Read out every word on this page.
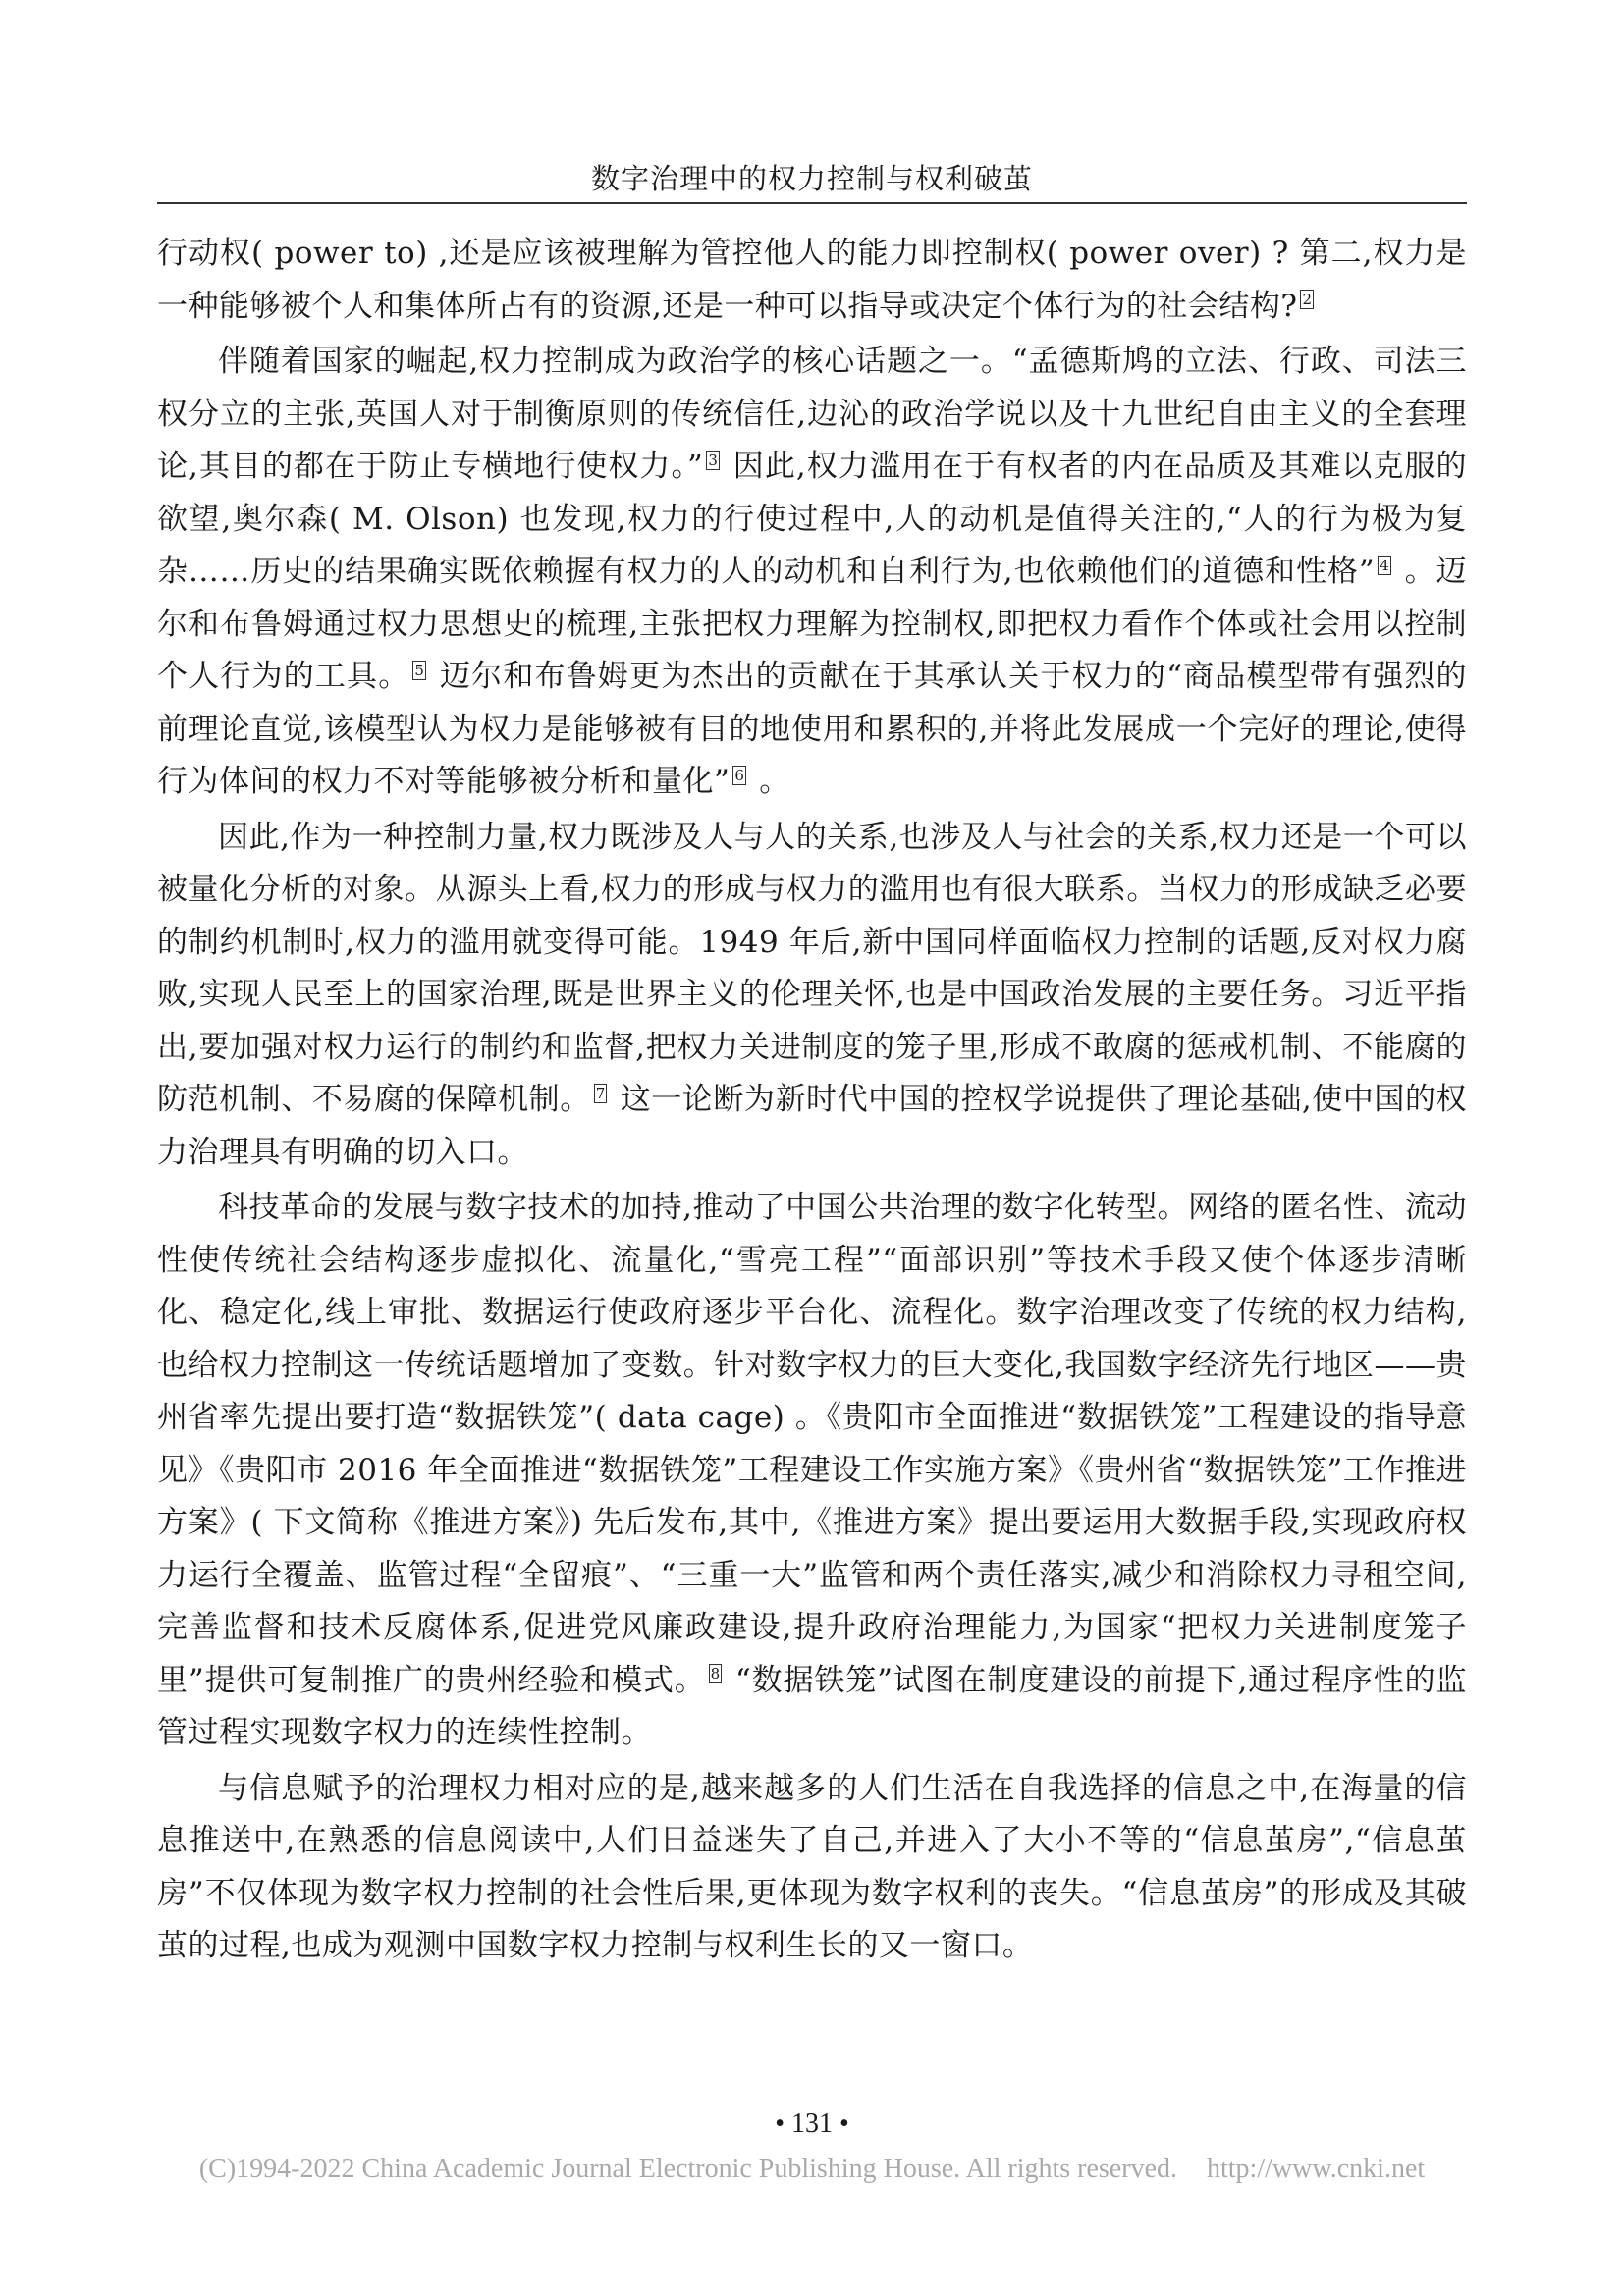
数字治理中的权力控制与权利破茧

行动权( power to) ,还是应该被理解为管控他人的能力即控制权( power over) ? 第二,权力是一种能够被个人和集体所占有的资源,还是一种可以指导或决定个体行为的社会结构? $^2$

伴随着国家的崛起,权力控制成为政治学的核心话题之一。“孟德斯鸠的立法、行政、司法三权分立的主张,英国人对于制衡原则的传统信任,边沁的政治学说以及十九世纪自由主义的全套理论,其目的都在于防止专横地行使权力。” $^3$ 因此,权力滥用在于有权者的内在品质及其难以克服的欲望,奥尔森( M. Olson) 也发现,权力的行使过程中,人的动机是值得关注的,“人的行为极为复杂……历史的结果确实既依赖握有权力的人的动机和自利行为,也依赖他们的道德和性格” $^4$ 。迈尔和布鲁姆通过权力思想史的梳理,主张把权力理解为控制权,即把权力看作个体或社会用以控制个人行为的工具。 $^5$ 迈尔和布鲁姆更为杰出的贡献在于其承认关于权力的“商品模型带有强烈的前理论直觉,该模型认为权力是能够被有目的地使用和累积的,并将此发展成一个完好的理论,使得行为体间的权力不对等能够被分析和量化” $^6$ 。

因此,作为一种控制力量,权力既涉及人与人的关系,也涉及人与社会的关系,权力还是一个可以被量化分析的对象。从源头上看,权力的形成与权力的滥用也有很大联系。当权力的形成缺乏必要的制约机制时,权力的滥用就变得可能。1949 年后,新中国同样面临权力控制的话题,反对权力腐败,实现人民至上的国家治理,既是世界主义的伦理关怀,也是中国政治发展的主要任务。习近平指出,要加强对权力运行的制约和监督,把权力关进制度的笼子里,形成不敢腐的惩戒机制、不能腐的防范机制、不易腐的保障机制。 $^7$ 这一论断为新时代中国的控权学说提供了理论基础,使中国的权力治理具有明确的切入口。

科技革命的发展与数字技术的加持,推动了中国公共治理的数字化转型。网络的匿名性、流动性使传统社会结构逐步虚拟化、流量化,“雪亮工程”“面部识别”等技术手段又使个体逐步清晰化、稳定化,线上审批、数据运行使政府逐步平台化、流程化。数字治理改变了传统的权力结构,也给权力控制这一传统话题增加了变数。针对数字权力的巨大变化,我国数字经济先行地区——贵州省率先提出要打造“数据铁笼”( data cage) 。《贵阳市全面推进“数据铁笼”工程建设的指导意见》《贵阳市 2016 年全面推进“数据铁笼”工程建设工作实施方案》《贵州省“数据铁笼”工作推进方案》( 下文简称《推进方案》) 先后发布,其中,《推进方案》提出要运用大数据手段,实现政府权力运行全覆盖、监管过程“全留痕”、“三重一大”监管和两个责任落实,减少和消除权力寻租空间,完善监督和技术反腐体系,促进党风廉政建设,提升政府治理能力,为国家“把权力关进制度笼子里”提供可复制推广的贵州经验和模式。 $^8$ “数据铁笼”试图在制度建设的前提下,通过程序性的监管过程实现数字权力的连续性控制。

与信息赋予的治理权力相对应的是,越来越多的人们生活在自我选择的信息之中,在海量的信息推送中,在熟悉的信息阅读中,人们日益迷失了自己,并进入了大小不等的“信息茧房”,“信息茧房”不仅体现为数字权力控制的社会性后果,更体现为数字权利的丧失。“信息茧房”的形成及其破茧的过程,也成为观测中国数字权力控制与权利生长的又一窗口。

• 131 •
(C)1994-2022 China Academic Journal Electronic Publishing House. All rights reserved. http://www.cnki.net
